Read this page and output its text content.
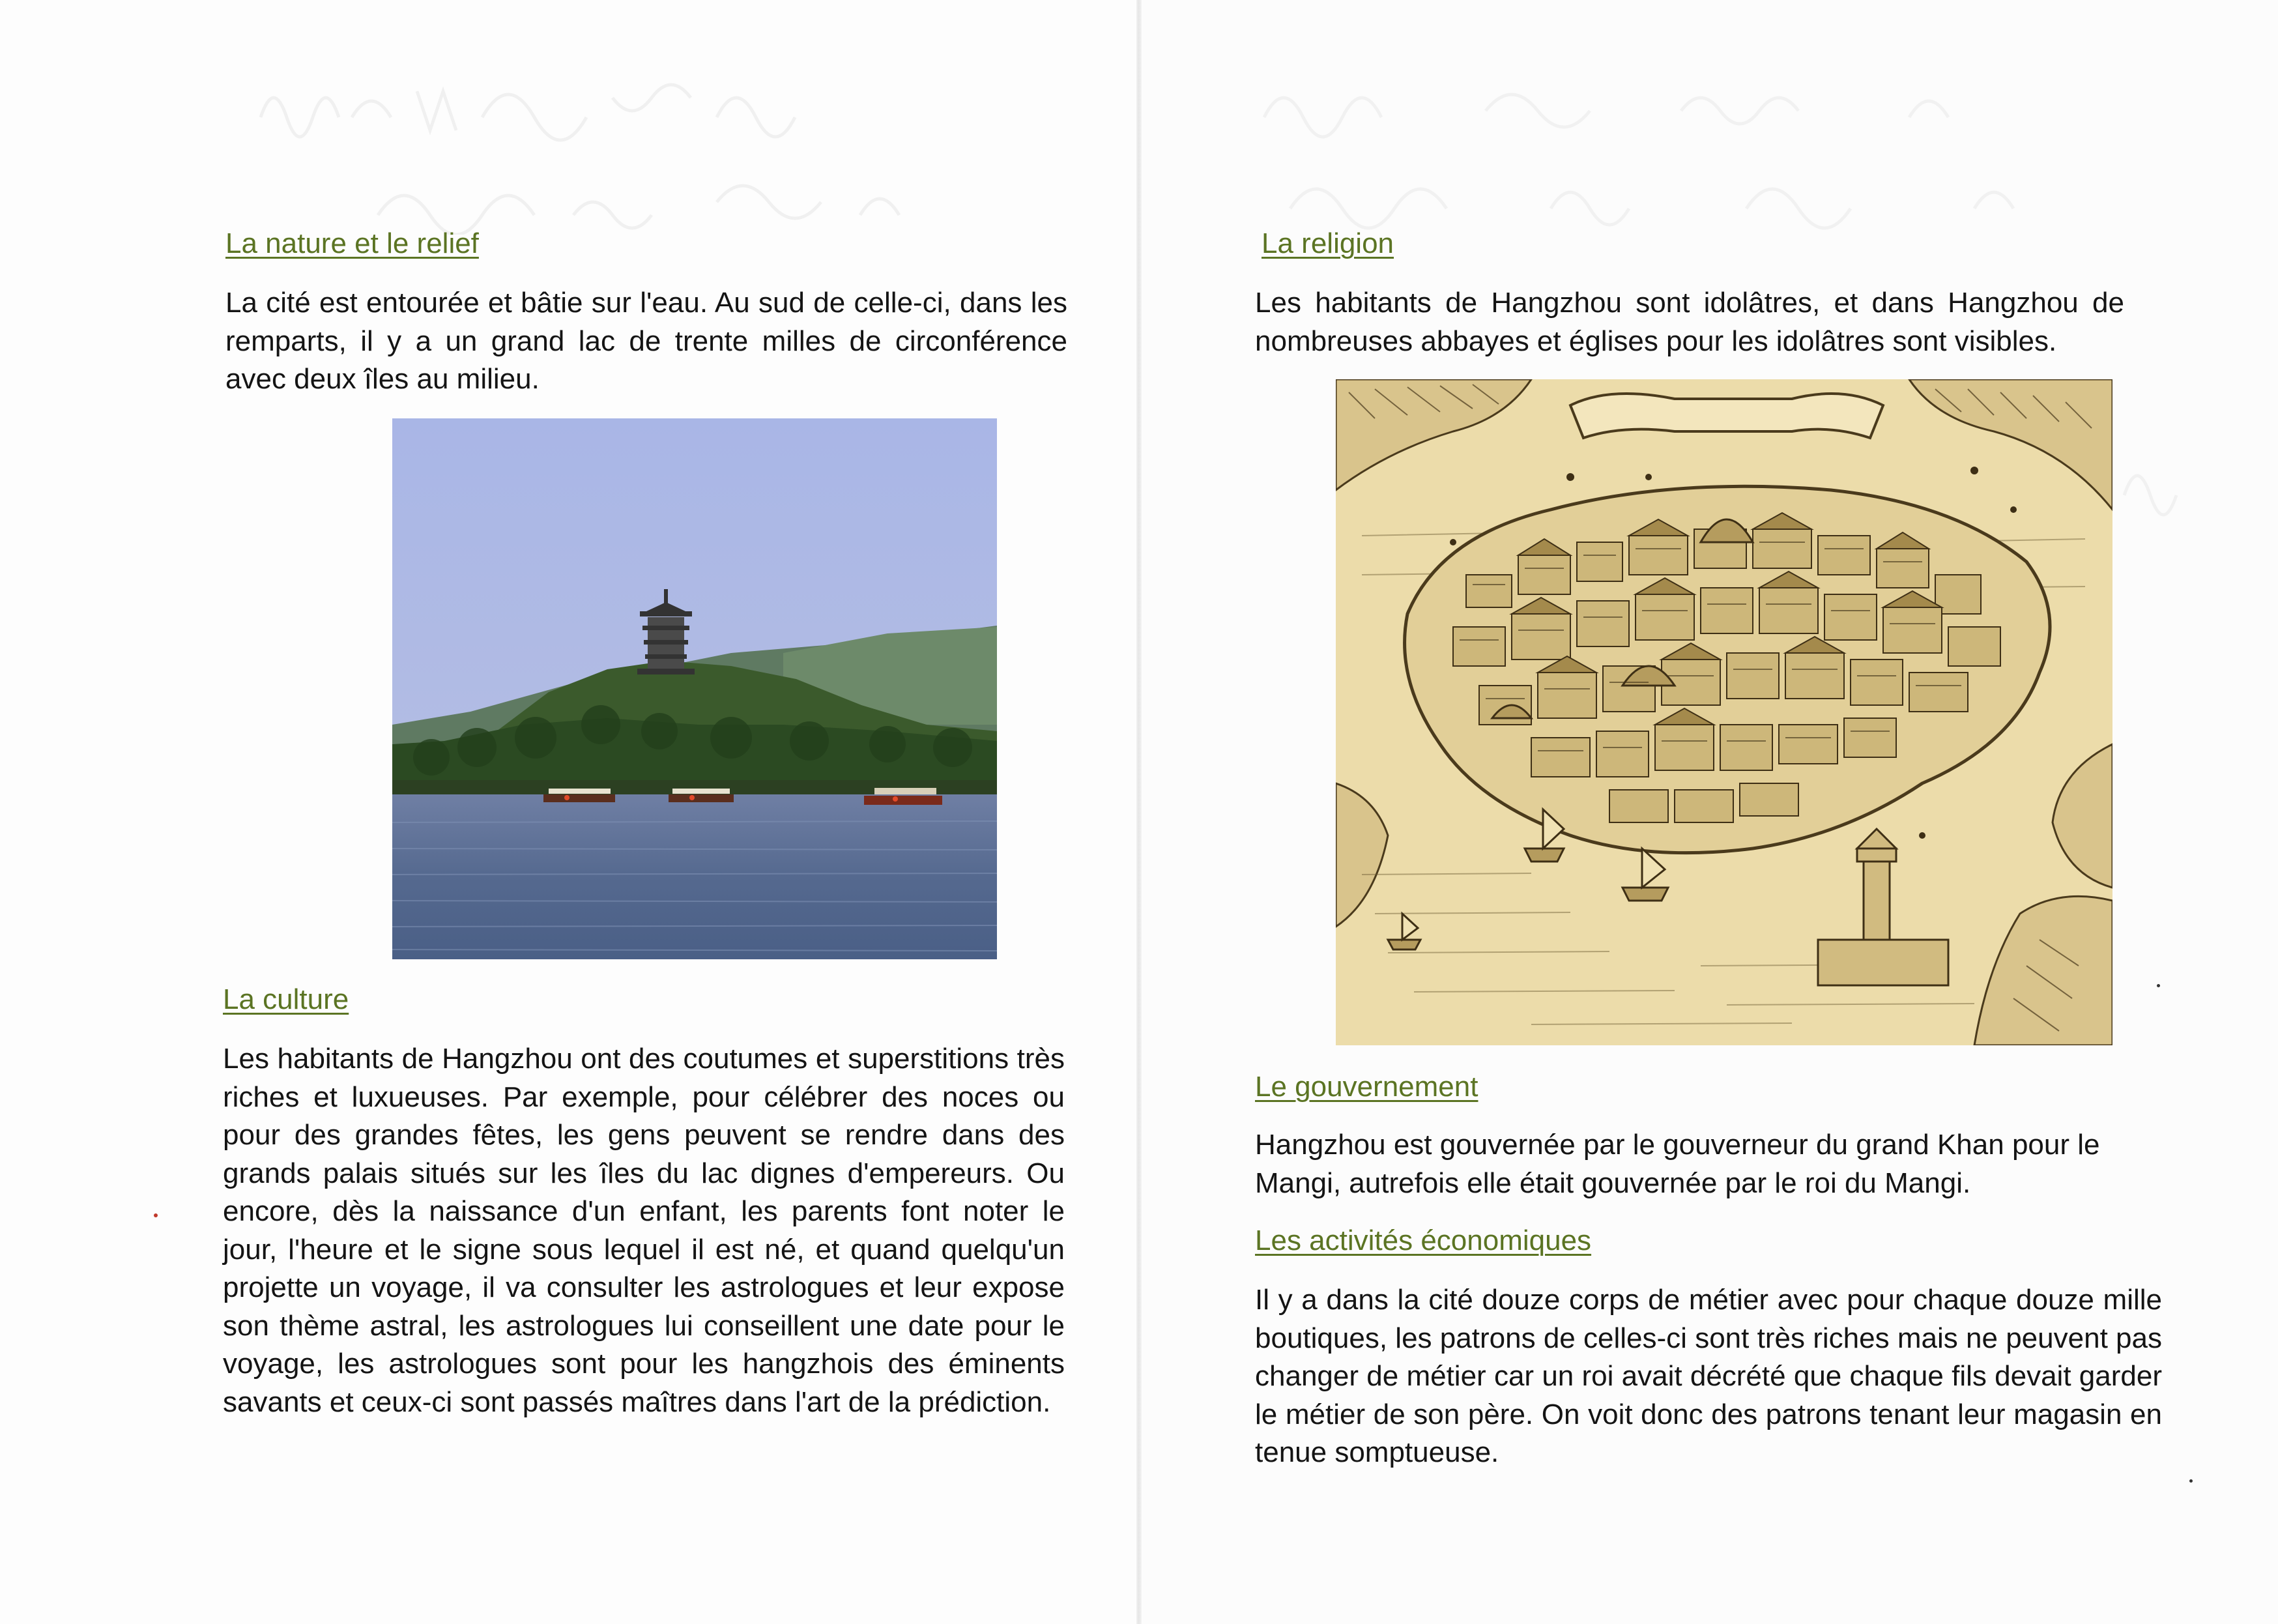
La nature et le relief

La cité est entourée et bâtie sur l'eau. Au sud de celle-ci, dans les remparts, il y a un grand lac de trente milles de circonférence avec deux îles au milieu.

La culture

Les habitants de Hangzhou ont des coutumes et superstitions très riches et luxueuses. Par exemple, pour célébrer des noces ou pour des grandes fêtes, les gens peuvent se rendre dans des grands palais situés sur les îles du lac dignes d'empereurs. Ou encore, dès la naissance d'un enfant, les parents font noter le jour, l'heure et le signe sous lequel il est né, et quand quelqu'un projette un voyage, il va consulter les astrologues et leur expose son thème astral, les astrologues lui conseillent une date pour le voyage, les astrologues sont pour les hangzhois des éminents savants et ceux-ci sont passés maîtres dans l'art de la prédiction.

La religion

Les habitants de Hangzhou sont idolâtres, et dans Hangzhou de nombreuses abbayes et églises pour les idolâtres sont visibles.

Le gouvernement

Hangzhou est gouvernée par le gouverneur du grand Khan pour le Mangi, autrefois elle était gouvernée par le roi du Mangi.

Les activités économiques

Il y a dans la cité douze corps de métier avec pour chaque douze mille boutiques, les patrons de celles-ci sont très riches mais ne peuvent pas changer de métier car un roi avait décrété que chaque fils devait garder le métier de son père. On voit donc des patrons tenant leur magasin en tenue somptueuse.
